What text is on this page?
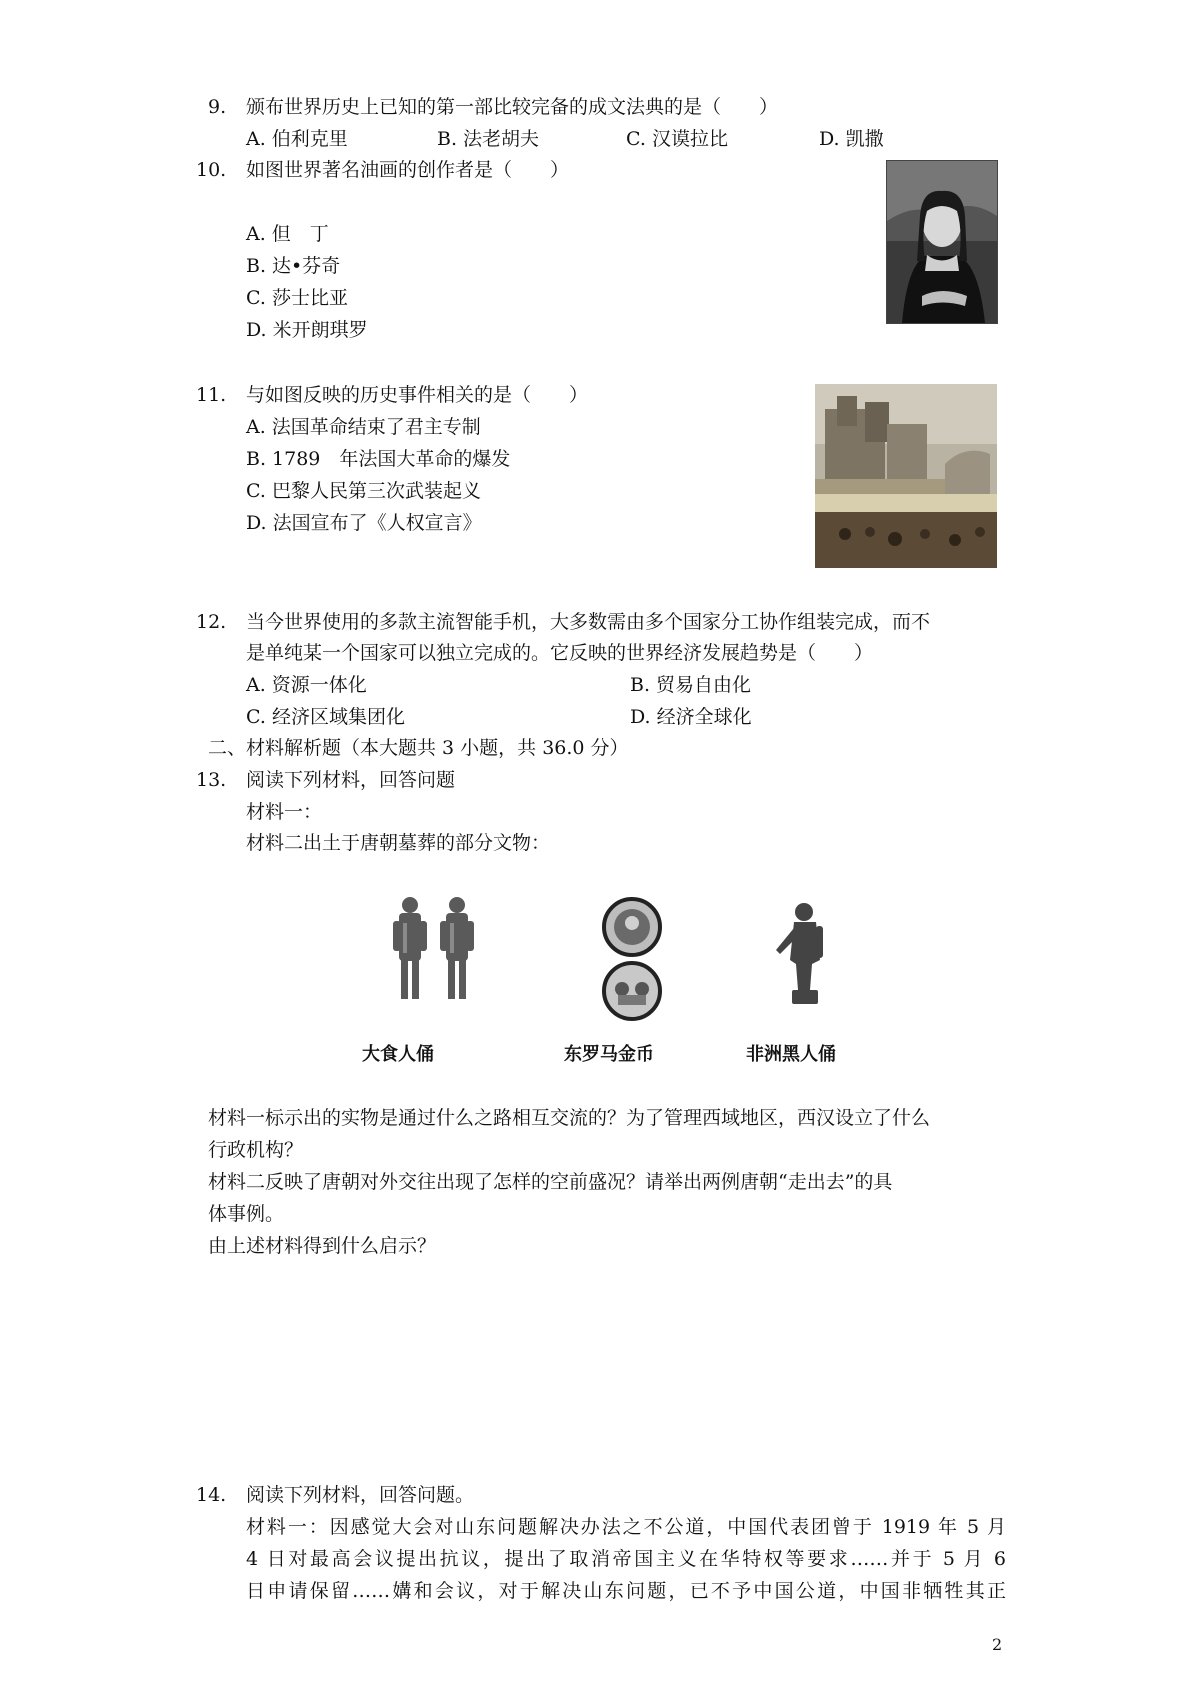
9. 颁布世界历史上已知的第一部比较完备的成文法典的是（　　）
A. 伯利克里	B. 法老胡夫	C. 汉谟拉比	D. 凯撒
10. 如图世界著名油画的创作者是（　　）
A. 但　丁
B. 达•芬奇
C. 莎士比亚
D. 米开朗琪罗
11. 与如图反映的历史事件相关的是（　　）
A. 法国革命结束了君主专制
B. 1789　年法国大革命的爆发
C. 巴黎人民第三次武装起义
D. 法国宣布了《人权宣言》
12. 当今世界使用的多款主流智能手机，大多数需由多个国家分工协作组装完成，而不
是单纯某一个国家可以独立完成的。它反映的世界经济发展趋势是（　　）
A. 资源一体化	B. 贸易自由化
C. 经济区域集团化	D. 经济全球化
二、材料解析题（本大题共 3 小题，共 36.0 分）
13. 阅读下列材料，回答问题
材料一：
材料二出土于唐朝墓葬的部分文物：
大食人俑	东罗马金币	非洲黑人俑
材料一标示出的实物是通过什么之路相互交流的？为了管理西域地区，西汉设立了什么
行政机构？
材料二反映了唐朝对外交往出现了怎样的空前盛况？请举出两例唐朝“走出去”的具
体事例。
由上述材料得到什么启示？
14. 阅读下列材料，回答问题。
材料一：因感觉大会对山东问题解决办法之不公道，中国代表团曾于 1919 年 5 月
4 日对最高会议提出抗议，提出了取消帝国主义在华特权等要求……并于 5 月 6
日申请保留……媾和会议，对于解决山东问题，已不予中国公道，中国非牺牲其正
2
